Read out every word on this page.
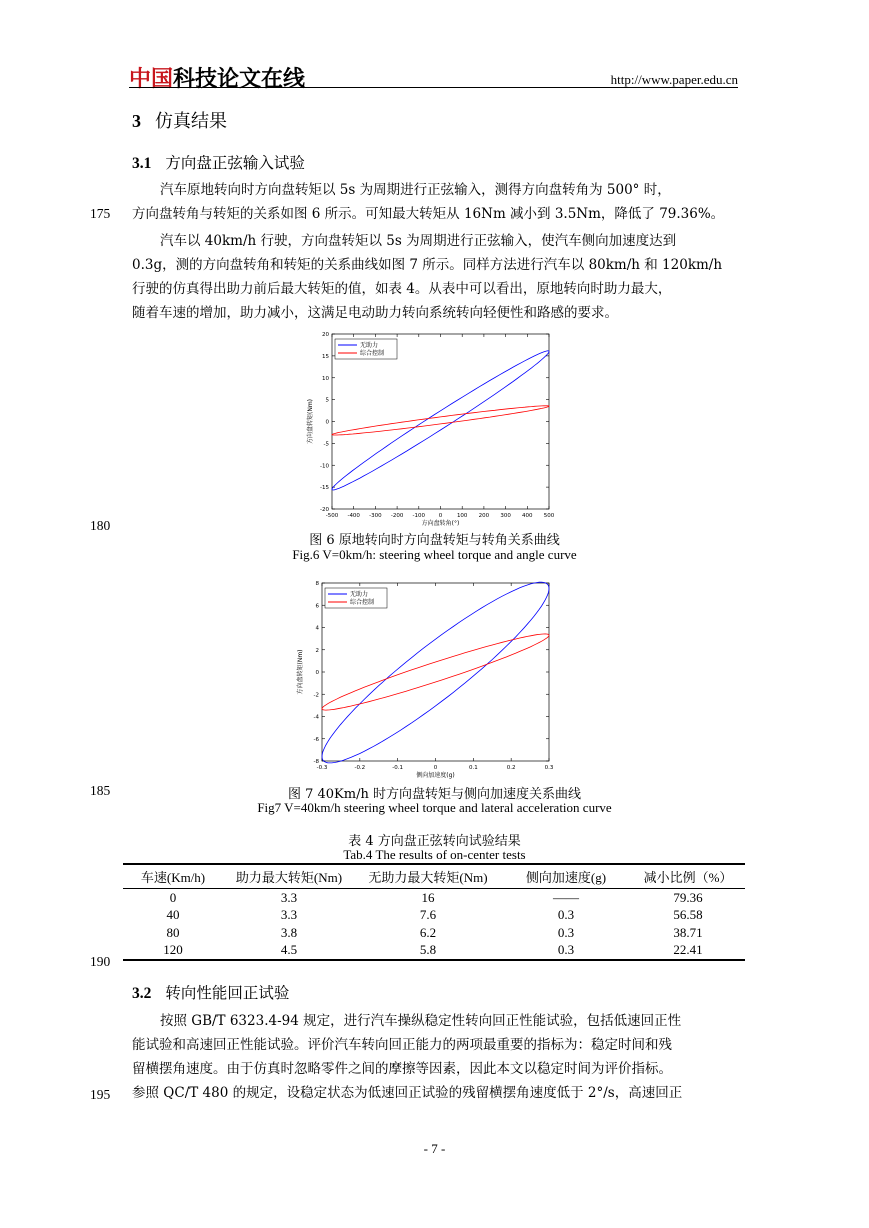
中国科技论文在线	http://www.paper.edu.cn
3 仿真结果
3.1 方向盘正弦输入试验

汽车原地转向时方向盘转矩以 5s 为周期进行正弦输入，测得方向盘转角为 500° 时，

方向盘转角与转矩的关系如图 6 所示。可知最大转矩从 16Nm 减小到 3.5Nm，降低了 79.36%。

汽车以 40km/h 行驶，方向盘转矩以 5s 为周期进行正弦输入，使汽车侧向加速度达到

0.3g，测的方向盘转角和转矩的关系曲线如图 7 所示。同样方法进行汽车以 80km/h 和 120km/h

行驶的仿真得出助力前后最大转矩的值，如表 4。从表中可以看出，原地转向时助力最大，

随着车速的增加，助力减小，这满足电动助力转向系统转向轻便性和路感的要求。

175
180
185
190
195
-500 -400 -300 -200 -100 0	100 200 300 400 500
20
15
10
5
0
-5
-10
-15
-20
方向盘转角(°)
方向盘转矩(Nm)
无助力
综合控制
图 6 原地转向时方向盘转矩与转角关系曲线
Fig.6 V=0km/h: steering wheel torque and angle curve
-0.3	-0.2	-0.1	0	0.1	0.2	0.3
8
6
4
2
0
-2
-4
-6
-8
侧向加速度(g)
方向盘转矩(Nm)
无助力
综合控制
图 7 40Km/h 时方向盘转矩与侧向加速度关系曲线
Fig7 V=40km/h steering wheel torque and lateral acceleration curve
表 4 方向盘正弦转向试验结果
Tab.4 The results of on-center tests
车速(Km/h)	助力最大转矩(Nm)	无助力最大转矩(Nm)	侧向加速度(g)	减小比例（%）
0	3.3	16	——	79.36
40	3.3	7.6	0.3	56.58
80	3.8	6.2	0.3	38.71
120	4.5	5.8	0.3	22.41
3.2 转向性能回正试验

按照 GB/T 6323.4-94 规定，进行汽车操纵稳定性转向回正性能试验，包括低速回正性

能试验和高速回正性能试验。评价汽车转向回正能力的两项最重要的指标为：稳定时间和残

留横摆角速度。由于仿真时忽略零件之间的摩擦等因素，因此本文以稳定时间为评价指标。

参照 QC/T 480 的规定，设稳定状态为低速回正试验的残留横摆角速度低于 2°/s，高速回正

- 7 -
